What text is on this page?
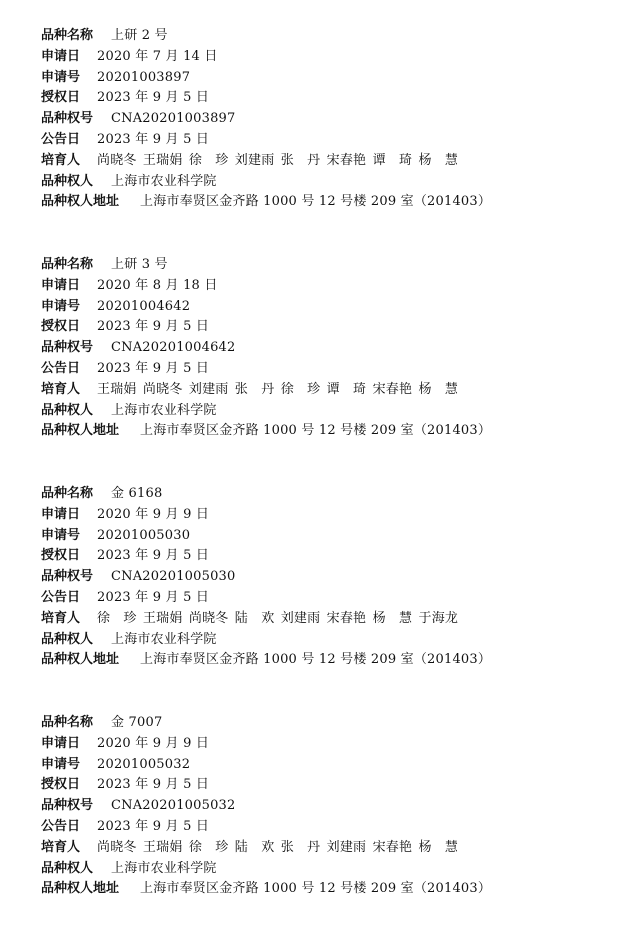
品种名称 上研 2 号
申请日 2020 年 7 月 14 日
申请号 20201003897
授权日 2023 年 9 月 5 日
品种权号 CNA20201003897
公告日 2023 年 9 月 5 日
培育人 尚晓冬 王瑞娟 徐　珍 刘建雨 张　丹 宋春艳 谭　琦 杨　慧
品种权人 上海市农业科学院
品种权人地址 上海市奉贤区金齐路 1000 号 12 号楼 209 室（201403）
品种名称 上研 3 号
申请日 2020 年 8 月 18 日
申请号 20201004642
授权日 2023 年 9 月 5 日
品种权号 CNA20201004642
公告日 2023 年 9 月 5 日
培育人 王瑞娟 尚晓冬 刘建雨 张　丹 徐　珍 谭　琦 宋春艳 杨　慧
品种权人 上海市农业科学院
品种权人地址 上海市奉贤区金齐路 1000 号 12 号楼 209 室（201403）
品种名称 金 6168
申请日 2020 年 9 月 9 日
申请号 20201005030
授权日 2023 年 9 月 5 日
品种权号 CNA20201005030
公告日 2023 年 9 月 5 日
培育人 徐　珍 王瑞娟 尚晓冬 陆　欢 刘建雨 宋春艳 杨　慧 于海龙
品种权人 上海市农业科学院
品种权人地址 上海市奉贤区金齐路 1000 号 12 号楼 209 室（201403）
品种名称 金 7007
申请日 2020 年 9 月 9 日
申请号 20201005032
授权日 2023 年 9 月 5 日
品种权号 CNA20201005032
公告日 2023 年 9 月 5 日
培育人 尚晓冬 王瑞娟 徐　珍 陆　欢 张　丹 刘建雨 宋春艳 杨　慧
品种权人 上海市农业科学院
品种权人地址 上海市奉贤区金齐路 1000 号 12 号楼 209 室（201403）
